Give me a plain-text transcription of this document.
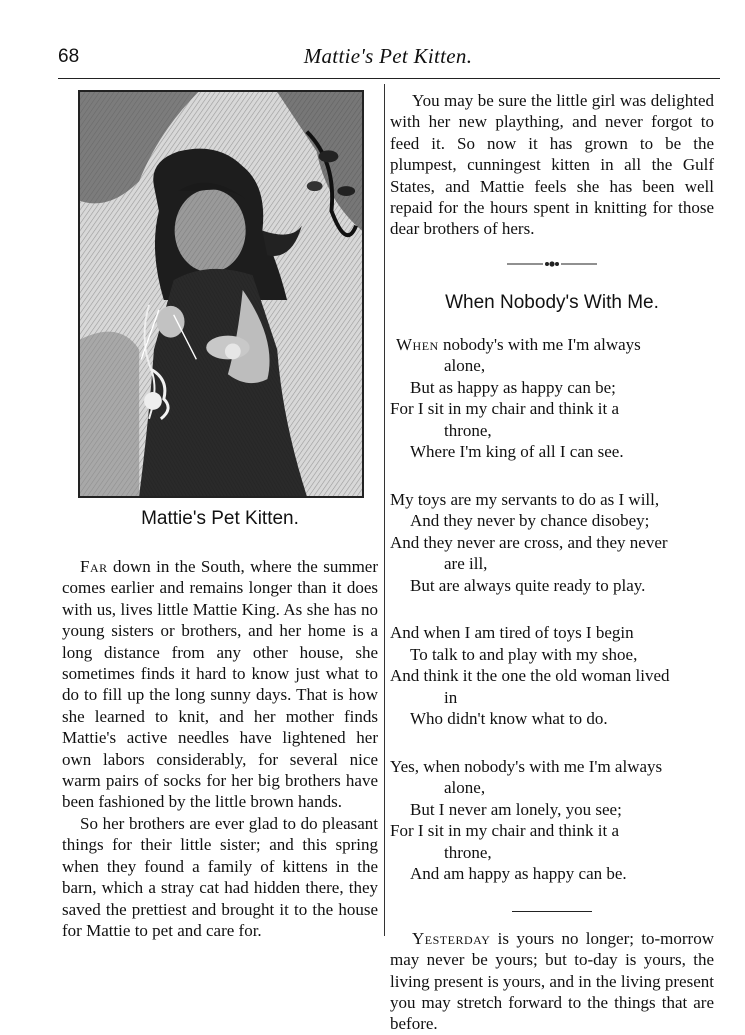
68	Mattie's Pet Kitten.
Mattie's Pet Kitten.

Far down in the South, where the summer comes earlier and remains longer than it does with us, lives little Mattie King. As she has no young sisters or brothers, and her home is a long distance from any other house, she sometimes finds it hard to know just what to do to fill up the long sunny days. That is how she learned to knit, and her mother finds Mattie's active needles have lightened her own labors considerably, for several nice warm pairs of socks for her big brothers have been fashioned by the little brown hands.

So her brothers are ever glad to do pleasant things for their little sister; and this spring when they found a family of kittens in the barn, which a stray cat had hidden there, they saved the prettiest and brought it to the house for Mattie to pet and care for.

You may be sure the little girl was delighted with her new plaything, and never forgot to feed it. So now it has grown to be the plumpest, cunningest kitten in all the Gulf States, and Mattie feels she has been well repaid for the hours spent in knitting for those dear brothers of hers.

When Nobody's With Me.
When nobody's with me I'm always
alone,
But as happy as happy can be;
For I sit in my chair and think it a
throne,
Where I'm king of all I can see.
My toys are my servants to do as I will,
And they never by chance disobey;
And they never are cross, and they never
are ill,
But are always quite ready to play.
And when I am tired of toys I begin
To talk to and play with my shoe,
And think it the one the old woman lived
in
Who didn't know what to do.
Yes, when nobody's with me I'm always
alone,
But I never am lonely, you see;
For I sit in my chair and think it a
throne,
And am happy as happy can be.

Yesterday is yours no longer; to-morrow may never be yours; but to-day is yours, the living present is yours, and in the living present you may stretch forward to the things that are before.
